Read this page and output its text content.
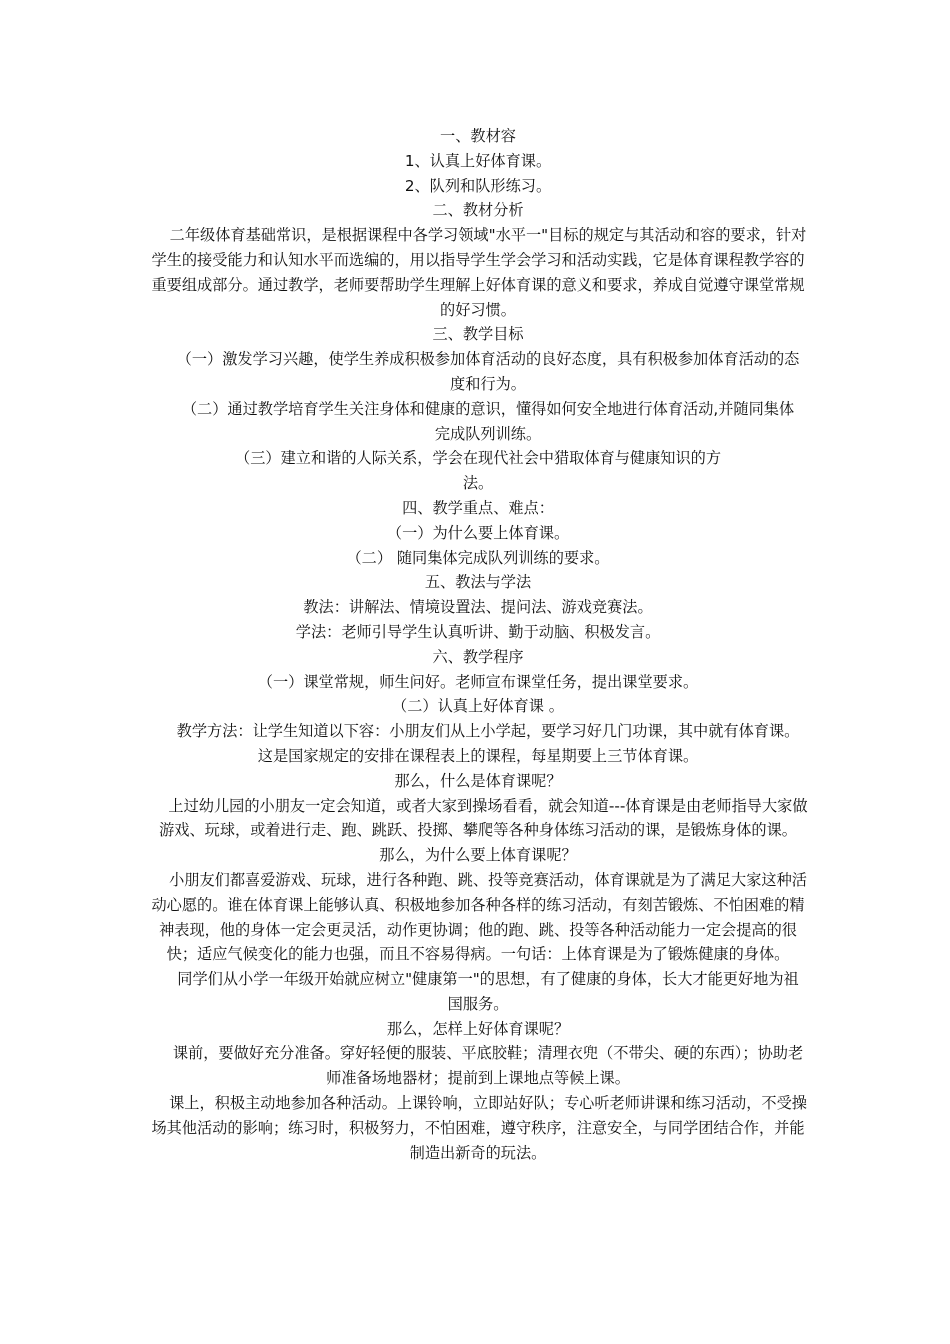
一、教材容

1、认真上好体育课。

2、队列和队形练习。

二、教材分析

二年级体育基础常识，是根据课程中各学习领域"水平一"目标的规定与其活动和容的要求，针对学生的接受能力和认知水平而选编的，用以指导学生学会学习和活动实践，它是体育课程教学容的重要组成部分。通过教学，老师要帮助学生理解上好体育课的意义和要求，养成自觉遵守课堂常规的好习惯。

三、教学目标

（一）激发学习兴趣，使学生养成积极参加体育活动的良好态度，具有积极参加体育活动的态度和行为。

（二）通过教学培育学生关注身体和健康的意识，懂得如何安全地进行体育活动,并随同集体完成队列训练。

（三）建立和谐的人际关系，学会在现代社会中猎取体育与健康知识的方

法。

四、教学重点、难点：

（一）为什么要上体育课。

（二） 随同集体完成队列训练的要求。

五、教法与学法

教法：讲解法、情境设置法、提问法、游戏竞赛法。

学法：老师引导学生认真听讲、勤于动脑、积极发言。

六、教学程序

（一）课堂常规，师生问好。老师宣布课堂任务，提出课堂要求。

（二）认真上好体育课 。

教学方法：让学生知道以下容：小朋友们从上小学起，要学习好几门功课，其中就有体育课。这是国家规定的安排在课程表上的课程，每星期要上三节体育课。

那么，什么是体育课呢？

上过幼儿园的小朋友一定会知道，或者大家到操场看看，就会知道---体育课是由老师指导大家做游戏、玩球，或着进行走、跑、跳跃、投掷、攀爬等各种身体练习活动的课，是锻炼身体的课。

那么，为什么要上体育课呢？

小朋友们都喜爱游戏、玩球，进行各种跑、跳、投等竞赛活动，体育课就是为了满足大家这种活动心愿的。谁在体育课上能够认真、积极地参加各种各样的练习活动，有刻苦锻炼、不怕困难的精神表现，他的身体一定会更灵活，动作更协调；他的跑、跳、投等各种活动能力一定会提高的很快；适应气候变化的能力也强，而且不容易得病。一句话：上体育课是为了锻炼健康的身体。

同学们从小学一年级开始就应树立"健康第一"的思想，有了健康的身体，长大才能更好地为祖国服务。

那么，怎样上好体育课呢？

课前，要做好充分准备。穿好轻便的服装、平底胶鞋；清理衣兜（不带尖、硬的东西）；协助老师准备场地器材；提前到上课地点等候上课。

课上，积极主动地参加各种活动。上课铃响，立即站好队；专心听老师讲课和练习活动，不受操场其他活动的影响；练习时，积极努力，不怕困难，遵守秩序，注意安全，与同学团结合作，并能制造出新奇的玩法。
